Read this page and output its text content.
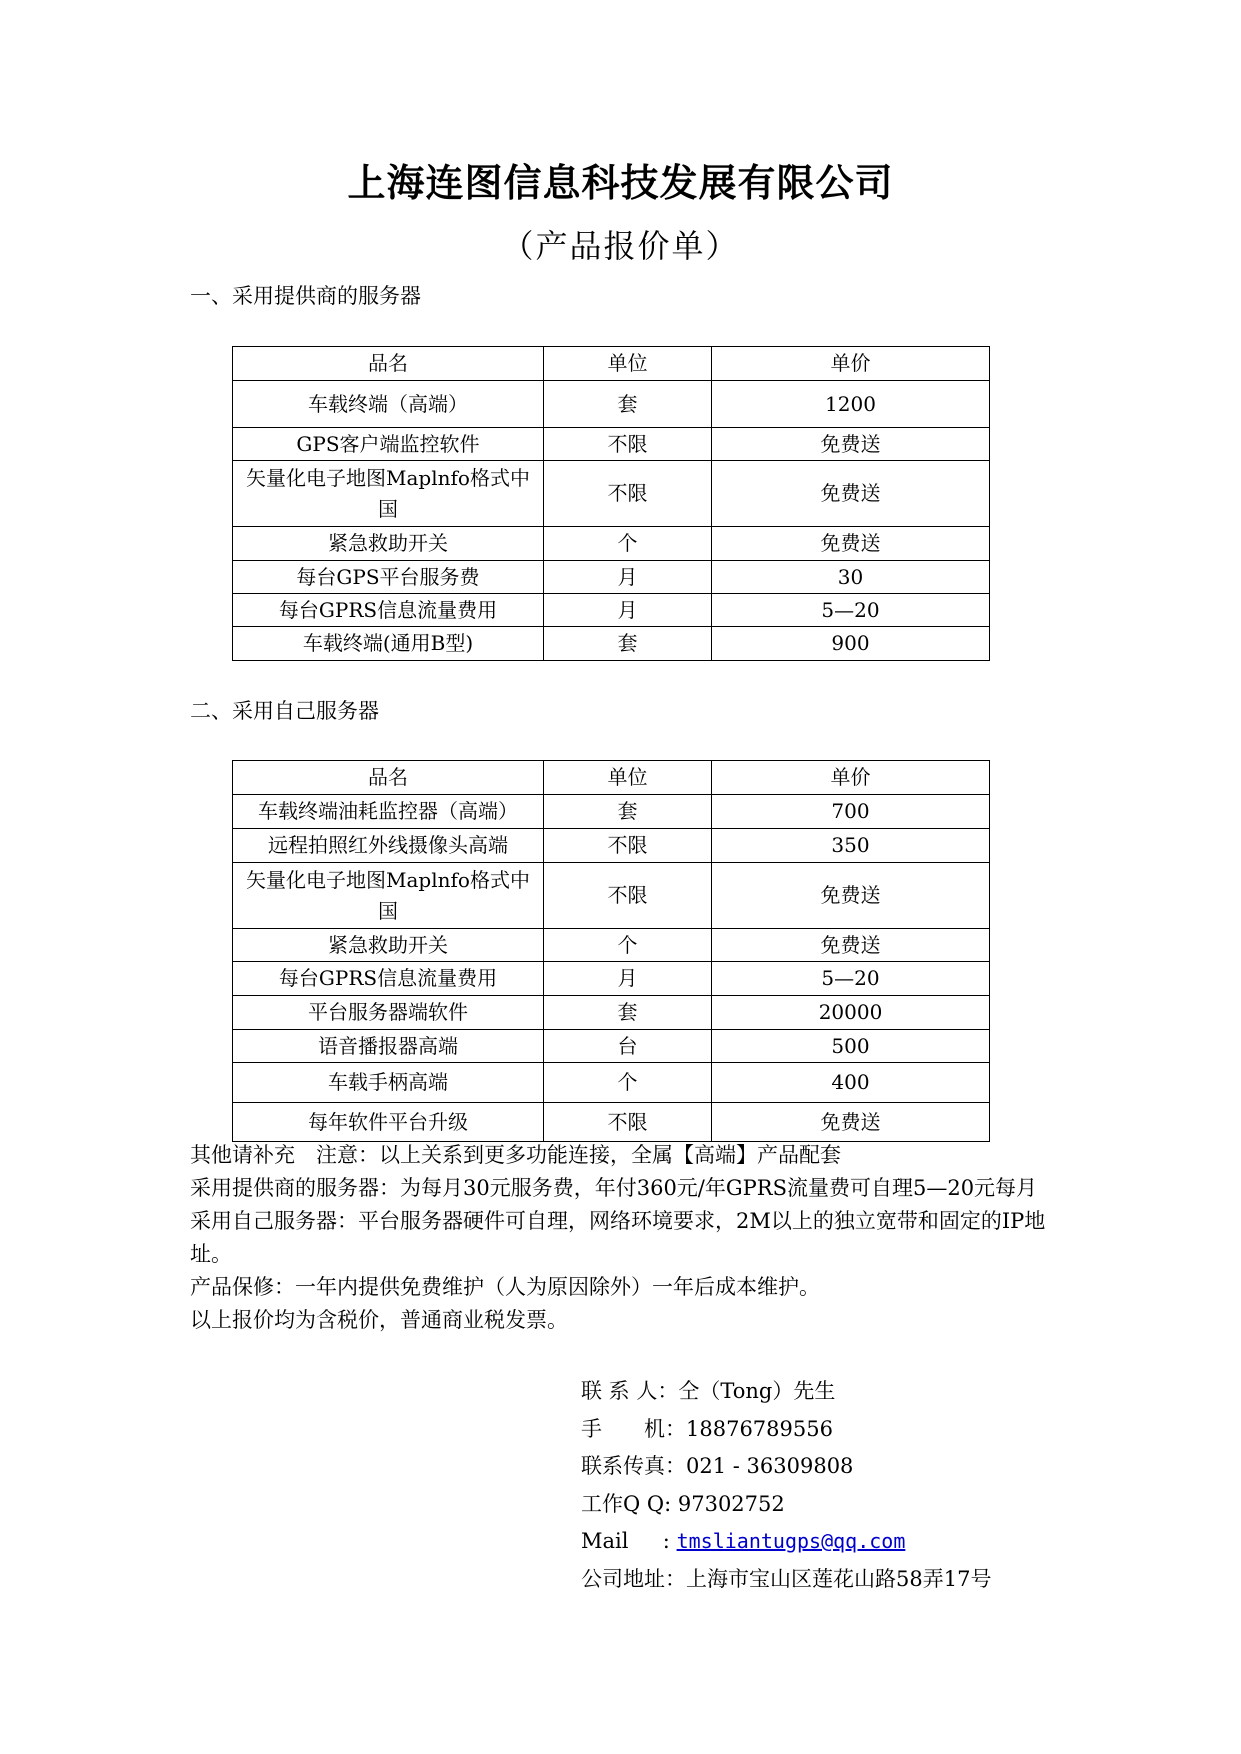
上海连图信息科技发展有限公司
（产品报价单）
一、采用提供商的服务器
品名	单位	单价
车载终端（高端）	套	1200
GPS客户端监控软件	不限	免费送
矢量化电子地图Maplnfo格式中国	不限	免费送
紧急救助开关	个	免费送
每台GPS平台服务费	月	30
每台GPRS信息流量费用	月	5—20
车载终端(通用B型)	套	900
二、采用自己服务器
品名	单位	单价
车载终端油耗监控器（高端）	套	700
远程拍照红外线摄像头高端	不限	350
矢量化电子地图Maplnfo格式中国	不限	免费送
紧急救助开关	个	免费送
每台GPRS信息流量费用	月	5—20
平台服务器端软件	套	20000
语音播报器高端	台	500
车载手柄高端	个	400
每年软件平台升级	不限	免费送

其他请补充　注意：以上关系到更多功能连接，全属【高端】产品配套

采用提供商的服务器：为每月30元服务费，年付360元/年GPRS流量费可自理5—20元每月

采用自己服务器：平台服务器硬件可自理，网络环境要求，2M以上的独立宽带和固定的IP地址。

产品保修：一年内提供免费维护（人为原因除外）一年后成本维护。

以上报价均为含税价，普通商业税发票。

联 系 人：仝（Tong）先生
手　　机：18876789556
联系传真：021 - 36309808
工作Q Q: 97302752
Mail　  : tmsliantugps@qq.com
公司地址：上海市宝山区莲花山路58弄17号
